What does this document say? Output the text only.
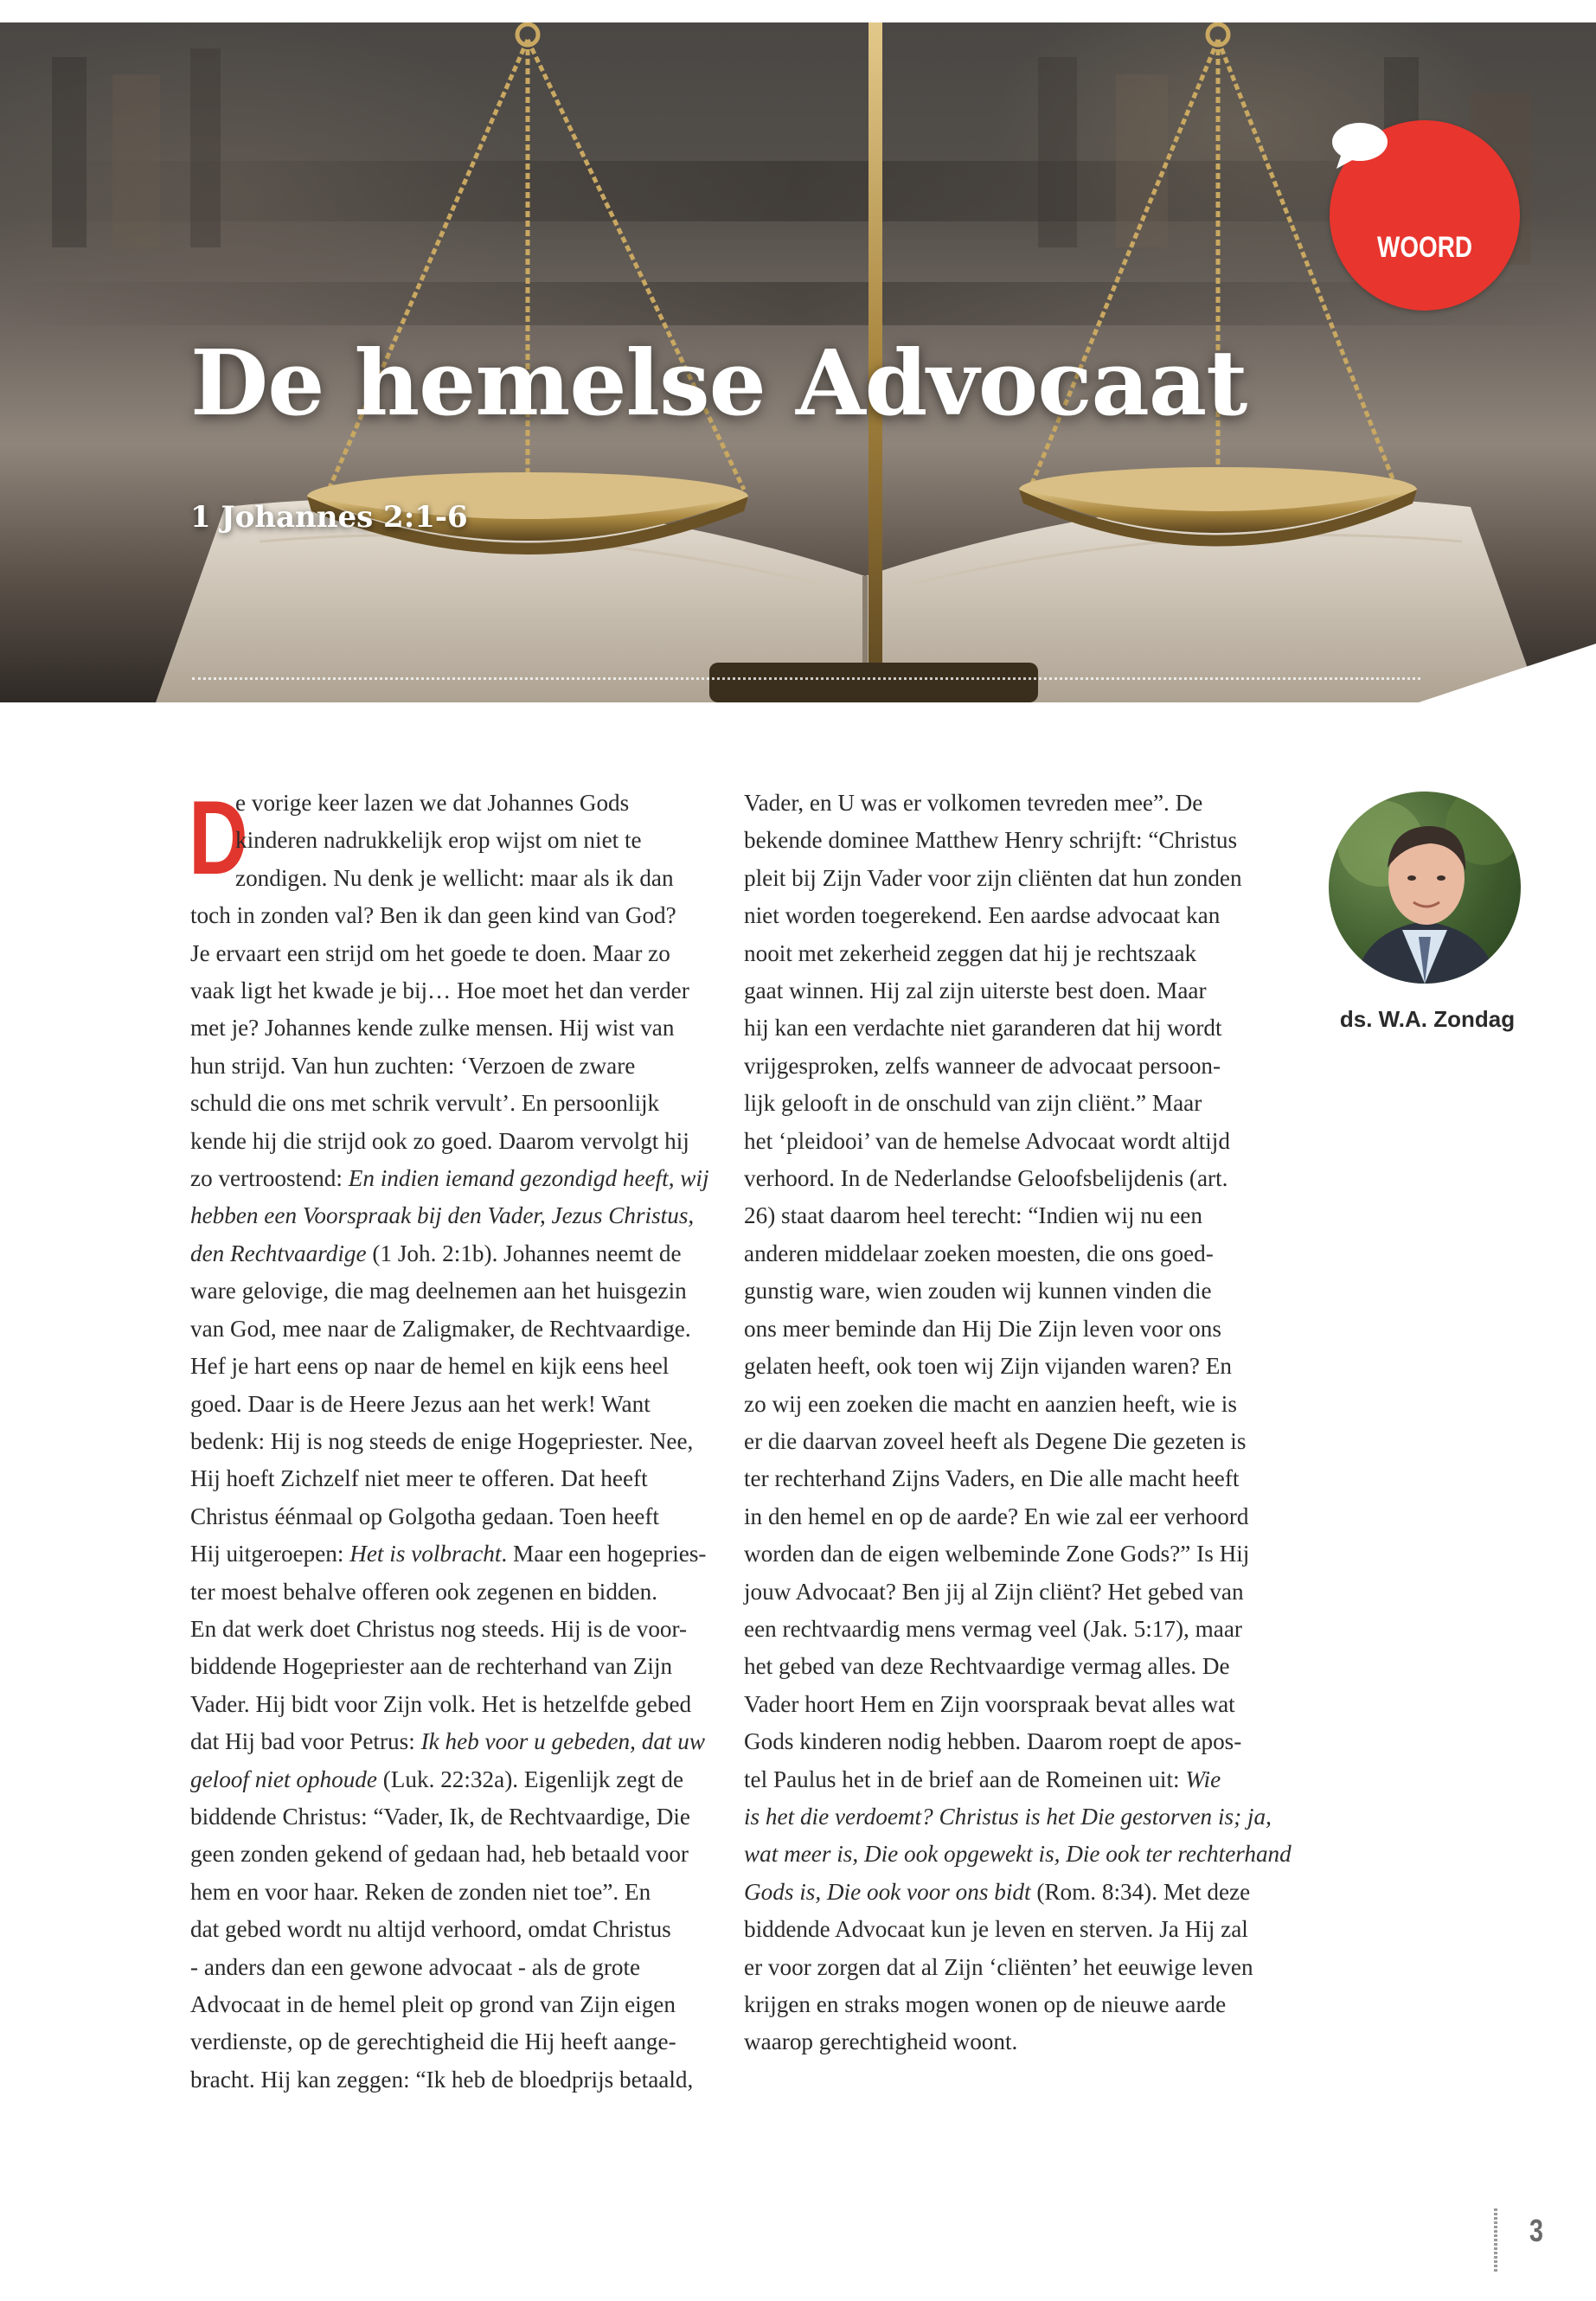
De hemelse Advocaat
1 Johannes 2:1-6
WOORD
D
e vorige keer lazen we dat Johannes Gods
kinderen nadrukkelijk erop wijst om niet te
zondigen. Nu denk je wellicht: maar als ik dan
toch in zonden val? Ben ik dan geen kind van God?
Je ervaart een strijd om het goede te doen. Maar zo
vaak ligt het kwade je bij… Hoe moet het dan verder
met je? Johannes kende zulke mensen. Hij wist van
hun strijd. Van hun zuchten: ‘Verzoen de zware
schuld die ons met schrik vervult’. En persoonlijk
kende hij die strijd ook zo goed. Daarom vervolgt hij
zo vertroostend: En indien iemand gezondigd heeft, wij
hebben een Voorspraak bij den Vader, Jezus Christus,
den Rechtvaardige (1 Joh. 2:1b). Johannes neemt de
ware gelovige, die mag deelnemen aan het huisgezin
van God, mee naar de Zaligmaker, de Rechtvaardige.
Hef je hart eens op naar de hemel en kijk eens heel
goed. Daar is de Heere Jezus aan het werk! Want
bedenk: Hij is nog steeds de enige Hogepriester. Nee,
Hij hoeft Zichzelf niet meer te offeren. Dat heeft
Christus éénmaal op Golgotha gedaan. Toen heeft
Hij uitgeroepen: Het is volbracht. Maar een hogepries-
ter moest behalve offeren ook zegenen en bidden.
En dat werk doet Christus nog steeds. Hij is de voor-
biddende Hogepriester aan de rechterhand van Zijn
Vader. Hij bidt voor Zijn volk. Het is hetzelfde gebed
dat Hij bad voor Petrus: Ik heb voor u gebeden, dat uw
geloof niet ophoude (Luk. 22:32a). Eigenlijk zegt de
biddende Christus: “Vader, Ik, de Rechtvaardige, Die
geen zonden gekend of gedaan had, heb betaald voor
hem en voor haar. Reken de zonden niet toe”. En
dat gebed wordt nu altijd verhoord, omdat Christus
- anders dan een gewone advocaat - als de grote
Advocaat in de hemel pleit op grond van Zijn eigen
verdienste, op de gerechtigheid die Hij heeft aange-
bracht. Hij kan zeggen: “Ik heb de bloedprijs betaald,
Vader, en U was er volkomen tevreden mee”. De
bekende dominee Matthew Henry schrijft: “Christus
pleit bij Zijn Vader voor zijn cliënten dat hun zonden
niet worden toegerekend. Een aardse advocaat kan
nooit met zekerheid zeggen dat hij je rechtszaak
gaat winnen. Hij zal zijn uiterste best doen. Maar
hij kan een verdachte niet garanderen dat hij wordt
vrijgesproken, zelfs wanneer de advocaat persoon-
lijk gelooft in de onschuld van zijn cliënt.” Maar
het ‘pleidooi’ van de hemelse Advocaat wordt altijd
verhoord. In de Nederlandse Geloofsbelijdenis (art.
26) staat daarom heel terecht: “Indien wij nu een
anderen middelaar zoeken moesten, die ons goed-
gunstig ware, wien zouden wij kunnen vinden die
ons meer beminde dan Hij Die Zijn leven voor ons
gelaten heeft, ook toen wij Zijn vijanden waren? En
zo wij een zoeken die macht en aanzien heeft, wie is
er die daarvan zoveel heeft als Degene Die gezeten is
ter rechterhand Zijns Vaders, en Die alle macht heeft
in den hemel en op de aarde? En wie zal eer verhoord
worden dan de eigen welbeminde Zone Gods?” Is Hij
jouw Advocaat? Ben jij al Zijn cliënt? Het gebed van
een rechtvaardig mens vermag veel (Jak. 5:17), maar
het gebed van deze Rechtvaardige vermag alles. De
Vader hoort Hem en Zijn voorspraak bevat alles wat
Gods kinderen nodig hebben. Daarom roept de apos-
tel Paulus het in de brief aan de Romeinen uit: Wie
is het die verdoemt? Christus is het Die gestorven is; ja,
wat meer is, Die ook opgewekt is, Die ook ter rechterhand
Gods is, Die ook voor ons bidt (Rom. 8:34). Met deze
biddende Advocaat kun je leven en sterven. Ja Hij zal
er voor zorgen dat al Zijn ‘cliënten’ het eeuwige leven
krijgen en straks mogen wonen op de nieuwe aarde
waarop gerechtigheid woont.
ds. W.A. Zondag
3
